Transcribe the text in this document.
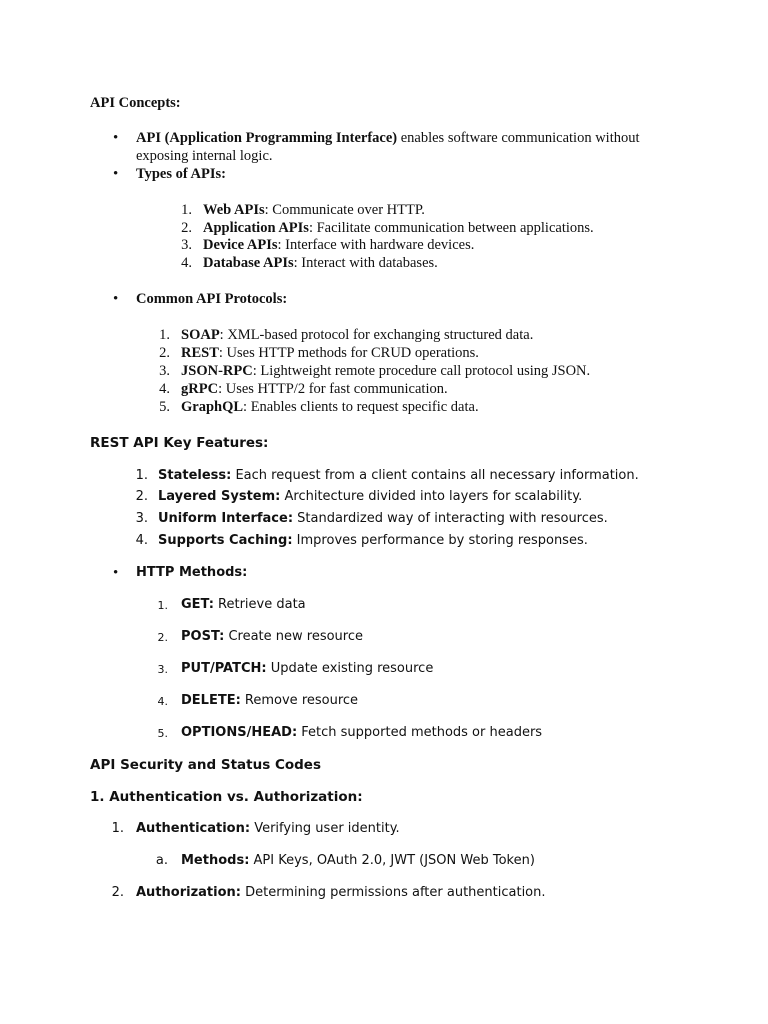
API Concepts:
• API (Application Programming Interface) enables software communication without
exposing internal logic.
• Types of APIs:
1. Web APIs: Communicate over HTTP.
2. Application APIs: Facilitate communication between applications.
3. Device APIs: Interface with hardware devices.
4. Database APIs: Interact with databases.
• Common API Protocols:
1. SOAP: XML-based protocol for exchanging structured data.
2. REST: Uses HTTP methods for CRUD operations.
3. JSON-RPC: Lightweight remote procedure call protocol using JSON.
4. gRPC: Uses HTTP/2 for fast communication.
5. GraphQL: Enables clients to request specific data.
REST API Key Features:
1. Stateless: Each request from a client contains all necessary information.
2. Layered System: Architecture divided into layers for scalability.
3. Uniform Interface: Standardized way of interacting with resources.
4. Supports Caching: Improves performance by storing responses.
• HTTP Methods:
1. GET: Retrieve data
2. POST: Create new resource
3. PUT/PATCH: Update existing resource
4. DELETE: Remove resource
5. OPTIONS/HEAD: Fetch supported methods or headers
API Security and Status Codes
1. Authentication vs. Authorization:
1. Authentication: Verifying user identity.
a. Methods: API Keys, OAuth 2.0, JWT (JSON Web Token)
2. Authorization: Determining permissions after authentication.
